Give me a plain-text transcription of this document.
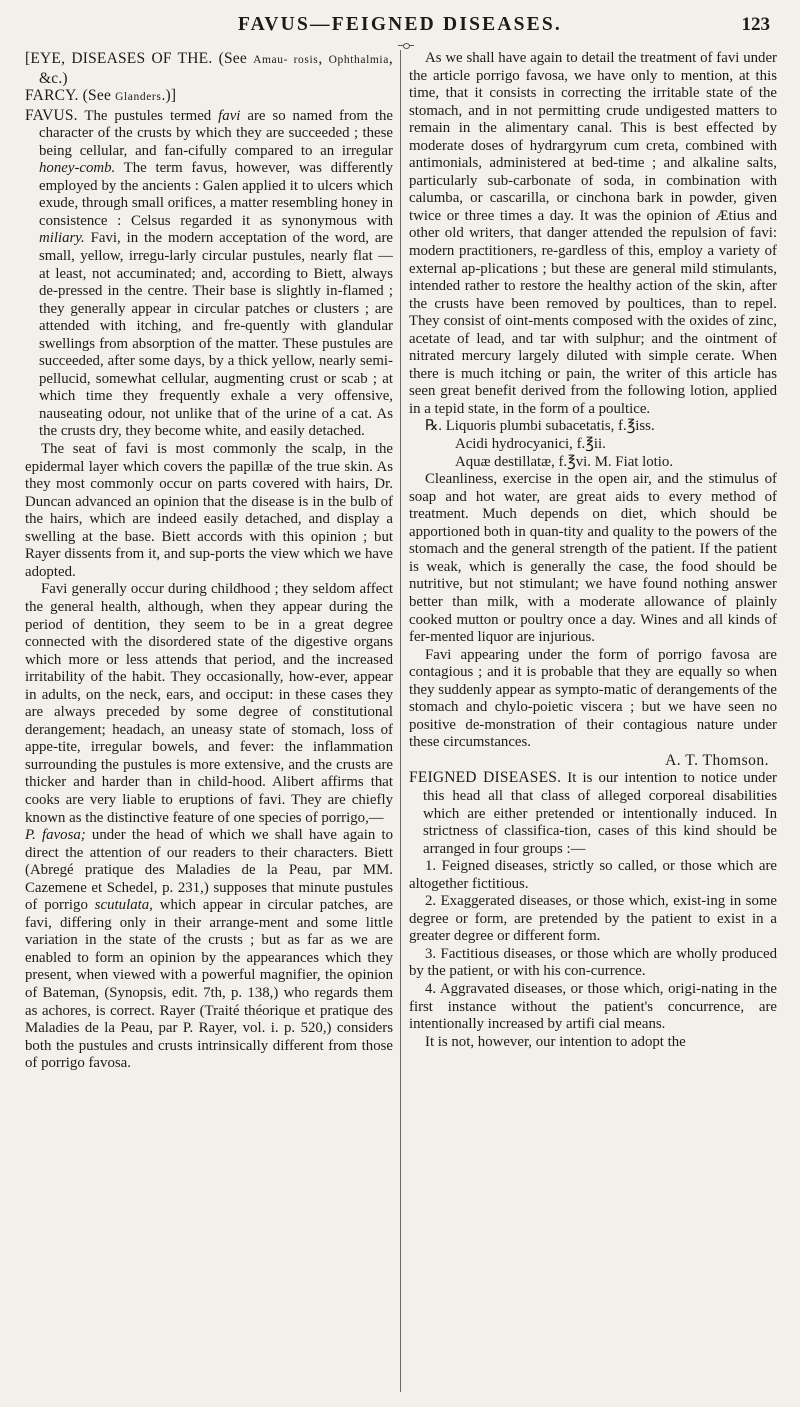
FAVUS—FEIGNED DISEASES.	123

[EYE, DISEASES OF THE. (See Amau- rosis, Ophthalmia, &c.)

FARCY. (See Glanders.)]

FAVUS. The pustules termed favi are so named from the character of the crusts by which they are succeeded ; these being cellular, and fan-cifully compared to an irregular honey-comb. The term favus, however, was differently employed by the ancients : Galen applied it to ulcers which exude, through small orifices, a matter resembling honey in consistence : Celsus regarded it as synonymous with miliary. Favi, in the modern acceptation of the word, are small, yellow, irregu-larly circular pustules, nearly flat — at least, not accuminated; and, according to Biett, always de-pressed in the centre. Their base is slightly in-flamed ; they generally appear in circular patches or clusters ; are attended with itching, and fre-quently with glandular swellings from absorption of the matter. These pustules are succeeded, after some days, by a thick yellow, nearly semi-pellucid, somewhat cellular, augmenting crust or scab ; at which time they frequently exhale a very offensive, nauseating odour, not unlike that of the urine of a cat. As the crusts dry, they become white, and easily detached.

The seat of favi is most commonly the scalp, in the epidermal layer which covers the papillæ of the true skin. As they most commonly occur on parts covered with hairs, Dr. Duncan advanced an opinion that the disease is in the bulb of the hairs, which are indeed easily detached, and display a swelling at the base. Biett accords with this opinion ; but Rayer dissents from it, and sup-ports the view which we have adopted.

Favi generally occur during childhood ; they seldom affect the general health, although, when they appear during the period of dentition, they seem to be in a great degree connected with the disordered state of the digestive organs which more or less attends that period, and the increased irritability of the habit. They occasionally, how-ever, appear in adults, on the neck, ears, and occiput: in these cases they are always preceded by some degree of constitutional derangement; headach, an uneasy state of stomach, loss of appe-tite, irregular bowels, and fever: the inflammation surrounding the pustules is more extensive, and the crusts are thicker and harder than in child-hood. Alibert affirms that cooks are very liable to eruptions of favi. They are chiefly known as the distinctive feature of one species of porrigo,—

P. favosa; under the head of which we shall have again to direct the attention of our readers to their characters. Biett (Abregé pratique des Maladies de la Peau, par MM. Cazemene et Schedel, p. 231,) supposes that minute pustules of porrigo scutulata, which appear in circular patches, are favi, differing only in their arrange-ment and some little variation in the state of the crusts ; but as far as we are enabled to form an opinion by the appearances which they present, when viewed with a powerful magnifier, the opinion of Bateman, (Synopsis, edit. 7th, p. 138,) who regards them as achores, is correct. Rayer (Traité théorique et pratique des Maladies de la Peau, par P. Rayer, vol. i. p. 520,) considers both the pustules and crusts intrinsically different from those of porrigo favosa.

As we shall have again to detail the treatment of favi under the article porrigo favosa, we have only to mention, at this time, that it consists in correcting the irritable state of the stomach, and in not permitting crude undigested matters to remain in the alimentary canal. This is best effected by moderate doses of hydrargyrum cum creta, combined with antimonials, administered at bed-time ; and alkaline salts, particularly sub-carbonate of soda, in combination with calumba, or cascarilla, or cinchona bark in powder, given twice or three times a day. It was the opinion of Ætius and other old writers, that danger attended the repulsion of favi: modern practitioners, re-gardless of this, employ a variety of external ap-plications ; but these are general mild stimulants, intended rather to restore the healthy action of the skin, after the crusts have been removed by poultices, than to repel. They consist of oint-ments composed with the oxides of zinc, acetate of lead, and tar with sulphur; and the ointment of nitrated mercury largely diluted with simple cerate. When there is much itching or pain, the writer of this article has seen great benefit derived from the following lotion, applied in a tepid state, in the form of a poultice.

℞. Liquoris plumbi subacetatis, f.℥iss.

Acidi hydrocyanici, f.℥ii.

Aquæ destillatæ, f.℥vi. M. Fiat lotio.

Cleanliness, exercise in the open air, and the stimulus of soap and hot water, are great aids to every method of treatment. Much depends on diet, which should be apportioned both in quan-tity and quality to the powers of the stomach and the general strength of the patient. If the patient is weak, which is generally the case, the food should be nutritive, but not stimulant; we have found nothing answer better than milk, with a moderate allowance of plainly cooked mutton or poultry once a day. Wines and all kinds of fer-mented liquor are injurious.

Favi appearing under the form of porrigo favosa are contagious ; and it is probable that they are equally so when they suddenly appear as sympto-matic of derangements of the stomach and chylo-poietic viscera ; but we have seen no positive de-monstration of their contagious nature under these circumstances.

A. T. Thomson.

FEIGNED DISEASES. It is our intention to notice under this head all that class of alleged corporeal disabilities which are either pretended or intentionally induced. In strictness of classifica-tion, cases of this kind should be arranged in four groups :—

1. Feigned diseases, strictly so called, or those which are altogether fictitious.

2. Exaggerated diseases, or those which, exist-ing in some degree or form, are pretended by the patient to exist in a greater degree or different form.

3. Factitious diseases, or those which are wholly produced by the patient, or with his con-currence.

4. Aggravated diseases, or those which, origi-nating in the first instance without the patient's concurrence, are intentionally increased by artifi cial means.

It is not, however, our intention to adopt the
